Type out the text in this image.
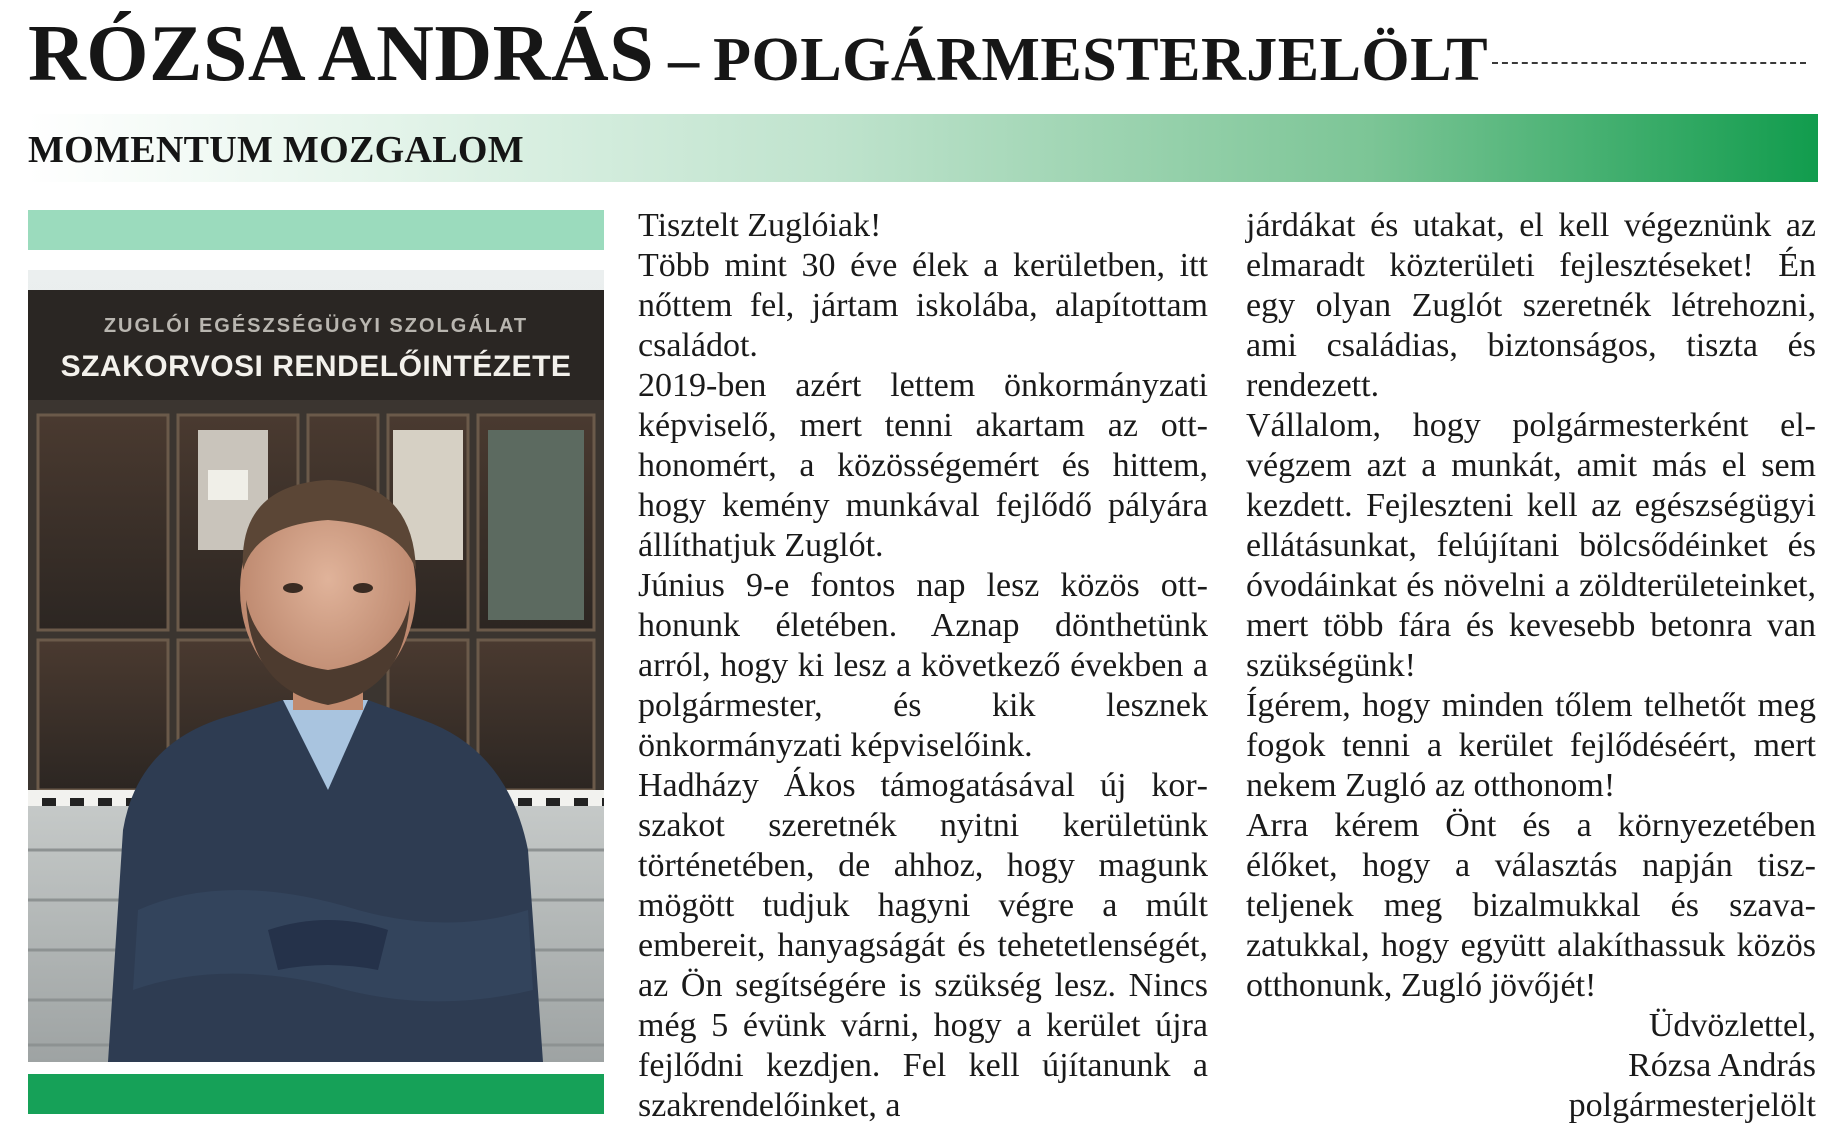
RÓZSA ANDRÁS – POLGÁRMESTERJELÖLT
MOMENTUM MOZGALOM
ZUGLÓI EGÉSZSÉGÜGYI SZOLGÁLAT
SZAKORVOSI RENDELŐINTÉZETE

Tisztelt Zuglóiak!

Több mint 30 éve élek a kerületben, itt nőttem fel, jártam iskolába, alapítottam családot.

2019-ben azért lettem önkormányzati képviselő, mert tenni akartam az otthonomért, a közösségemért és hittem, hogy kemény munkával fejlődő pályára állíthatjuk Zuglót.

Június 9-e fontos nap lesz közös otthonunk életében. Aznap dönthetünk arról, hogy ki lesz a következő években a polgármester, és kik lesznek önkormányzati képviselőink.

Hadházy Ákos támogatásával új korszakot szeretnék nyitni kerületünk történetében, de ahhoz, hogy magunk mögött tudjuk hagyni végre a múlt embereit, hanyagságát és tehetetlenségét, az Ön segítségére is szükség lesz. Nincs még 5 évünk várni, hogy a kerület újra fejlődni kezdjen. Fel kell újítanunk a szakrendelőinket, a

járdákat és utakat, el kell végeznünk az elmaradt közterületi fejlesztéseket! Én egy olyan Zuglót szeretnék létrehozni, ami családias, biztonságos, tiszta és rendezett.

Vállalom, hogy polgármesterként elvégzem azt a munkát, amit más el sem kezdett. Fejleszteni kell az egészségügyi ellátásunkat, felújítani bölcsődéinket és óvodáinkat és növelni a zöldterületeinket, mert több fára és kevesebb betonra van szükségünk!

Ígérem, hogy minden tőlem telhetőt meg fogok tenni a kerület fejlődéséért, mert nekem Zugló az otthonom!

Arra kérem Önt és a környezetében élőket, hogy a választás napján tiszteljenek meg bizalmukkal és szavazatukkal, hogy együtt alakíthassuk közös otthonunk, Zugló jövőjét!

Üdvözlettel,

Rózsa András

polgármesterjelölt
